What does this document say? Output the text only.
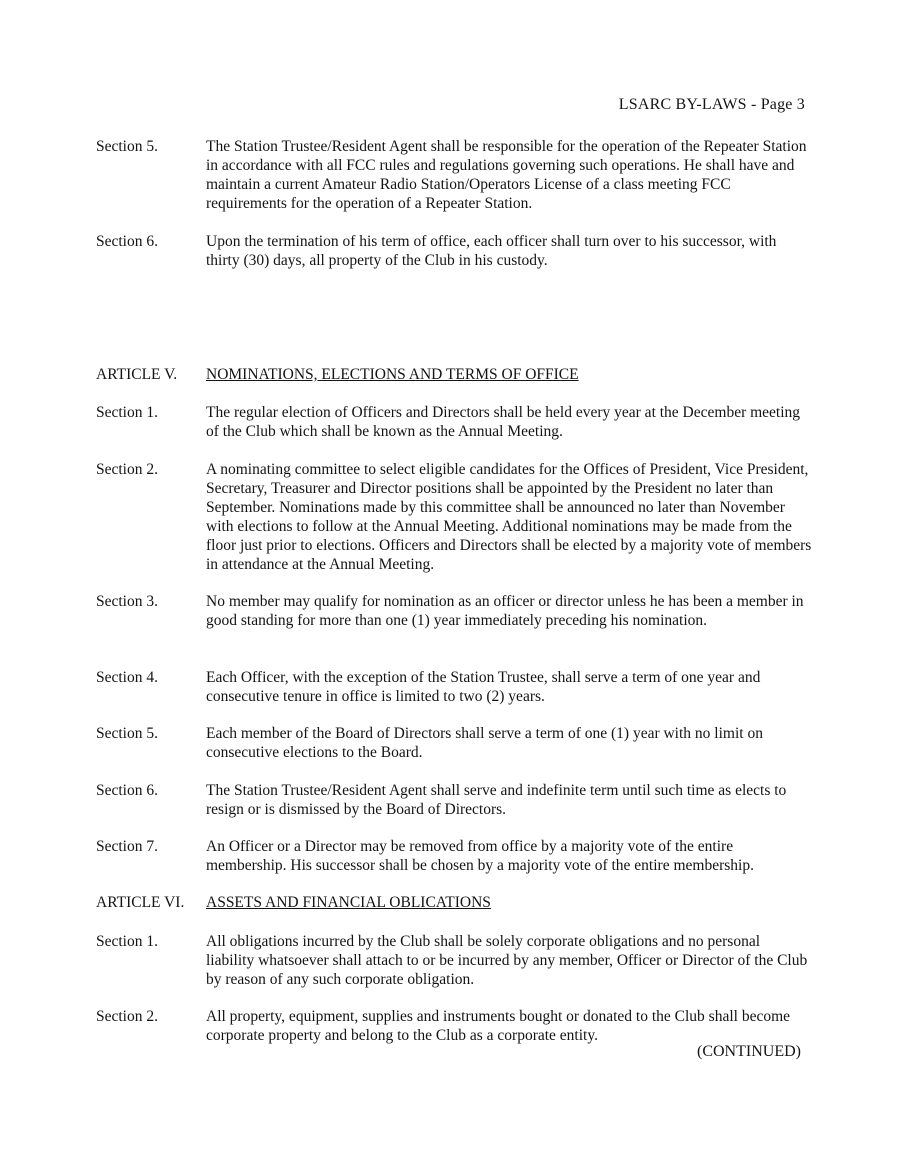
LSARC BY-LAWS - Page 3
Section 5.	The Station Trustee/Resident Agent shall be responsible for the operation of the Repeater Station in accordance with all FCC rules and regulations governing such operations. He shall have and maintain a current Amateur Radio Station/Operators License of a class meeting FCC requirements for the operation of a Repeater Station.
Section 6.	Upon the termination of his term of office, each officer shall turn over to his successor, with thirty (30) days, all property of the Club in his custody.
ARTICLE V.	NOMINATIONS, ELECTIONS AND TERMS OF OFFICE
Section 1.	The regular election of Officers and Directors shall be held every year at the December meeting of the Club which shall be known as the Annual Meeting.
Section 2.	A nominating committee to select eligible candidates for the Offices of President, Vice President, Secretary, Treasurer and Director positions shall be appointed by the President no later than September. Nominations made by this committee shall be announced no later than November with elections to follow at the Annual Meeting. Additional nominations may be made from the floor just prior to elections. Officers and Directors shall be elected by a majority vote of members in attendance at the Annual Meeting.
Section 3.	No member may qualify for nomination as an officer or director unless he has been a member in good standing for more than one (1) year immediately preceding his nomination.
Section 4.	Each Officer, with the exception of the Station Trustee, shall serve a term of one year and consecutive tenure in office is limited to two (2) years.
Section 5.	Each member of the Board of Directors shall serve a term of one (1) year with no limit on consecutive elections to the Board.
Section 6.	The Station Trustee/Resident Agent shall serve and indefinite term until such time as elects to resign or is dismissed by the Board of Directors.
Section 7.	An Officer or a Director may be removed from office by a majority vote of the entire membership. His successor shall be chosen by a majority vote of the entire membership.
ARTICLE VI.	ASSETS AND FINANCIAL OBLICATIONS
Section 1.	All obligations incurred by the Club shall be solely corporate obligations and no personal liability whatsoever shall attach to or be incurred by any member, Officer or Director of the Club by reason of any such corporate obligation.
Section 2.	All property, equipment, supplies and instruments bought or donated to the Club shall become corporate property and belong to the Club as a corporate entity.
(CONTINUED)
